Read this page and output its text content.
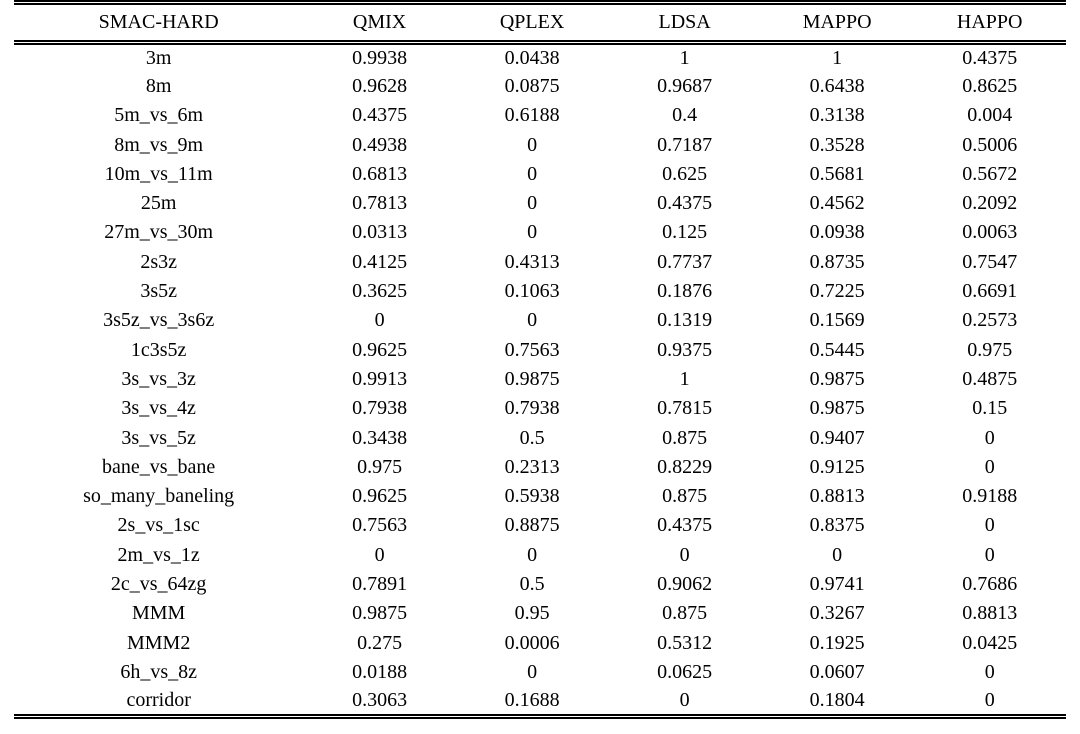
SMAC-HARD	QMIX	QPLEX	LDSA	MAPPO	HAPPO
3m	0.9938	0.0438	1	1	0.4375
8m	0.9628	0.0875	0.9687	0.6438	0.8625
5m_vs_6m	0.4375	0.6188	0.4	0.3138	0.004
8m_vs_9m	0.4938	0	0.7187	0.3528	0.5006
10m_vs_11m	0.6813	0	0.625	0.5681	0.5672
25m	0.7813	0	0.4375	0.4562	0.2092
27m_vs_30m	0.0313	0	0.125	0.0938	0.0063
2s3z	0.4125	0.4313	0.7737	0.8735	0.7547
3s5z	0.3625	0.1063	0.1876	0.7225	0.6691
3s5z_vs_3s6z	0	0	0.1319	0.1569	0.2573
1c3s5z	0.9625	0.7563	0.9375	0.5445	0.975
3s_vs_3z	0.9913	0.9875	1	0.9875	0.4875
3s_vs_4z	0.7938	0.7938	0.7815	0.9875	0.15
3s_vs_5z	0.3438	0.5	0.875	0.9407	0
bane_vs_bane	0.975	0.2313	0.8229	0.9125	0
so_many_baneling	0.9625	0.5938	0.875	0.8813	0.9188
2s_vs_1sc	0.7563	0.8875	0.4375	0.8375	0
2m_vs_1z	0	0	0	0	0
2c_vs_64zg	0.7891	0.5	0.9062	0.9741	0.7686
MMM	0.9875	0.95	0.875	0.3267	0.8813
MMM2	0.275	0.0006	0.5312	0.1925	0.0425
6h_vs_8z	0.0188	0	0.0625	0.0607	0
corridor	0.3063	0.1688	0	0.1804	0
